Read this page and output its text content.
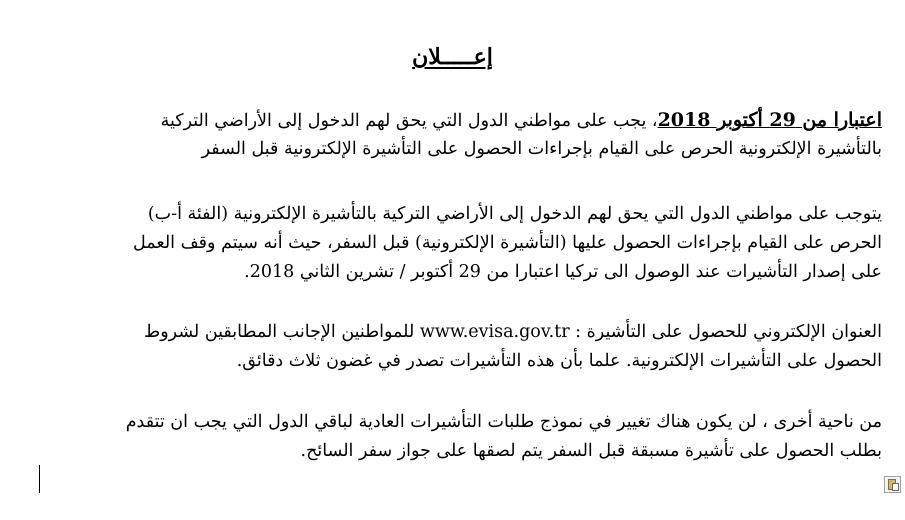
إعـــــلان
اعتبارا من 29 أكتوبر 2018، يجب على مواطني الدول التي يحق لهم الدخول إلى الأراضي التركية
بالتأشيرة الإلكترونية الحرص على القيام بإجراءات الحصول على التأشيرة الإلكترونية قبل السفر
يتوجب على مواطني الدول التي يحق لهم الدخول إلى الأراضي التركية بالتأشيرة الإلكترونية (الفئة أ-ب)
الحرص على القيام بإجراءات الحصول عليها (التأشيرة الإلكترونية) قبل السفر، حيث أنه سيتم وقف العمل
على إصدار التأشيرات عند الوصول الى تركيا اعتبارا من 29 أكتوبر / تشرين الثاني 2018.
العنوان الإلكتروني للحصول على التأشيرة : www.evisa.gov.tr للمواطنين الإجانب المطابقين لشروط
الحصول على التأشيرات الإلكترونية. علما بأن هذه التأشيرات تصدر في غضون ثلاث دقائق.
من ناحية أخرى ، لن يكون هناك تغيير في نموذج طلبات التأشيرات العادية لباقي الدول التي يجب ان تتقدم
بطلب الحصول على تأشيرة مسبقة قبل السفر يتم لصقها على جواز سفر السائح.
